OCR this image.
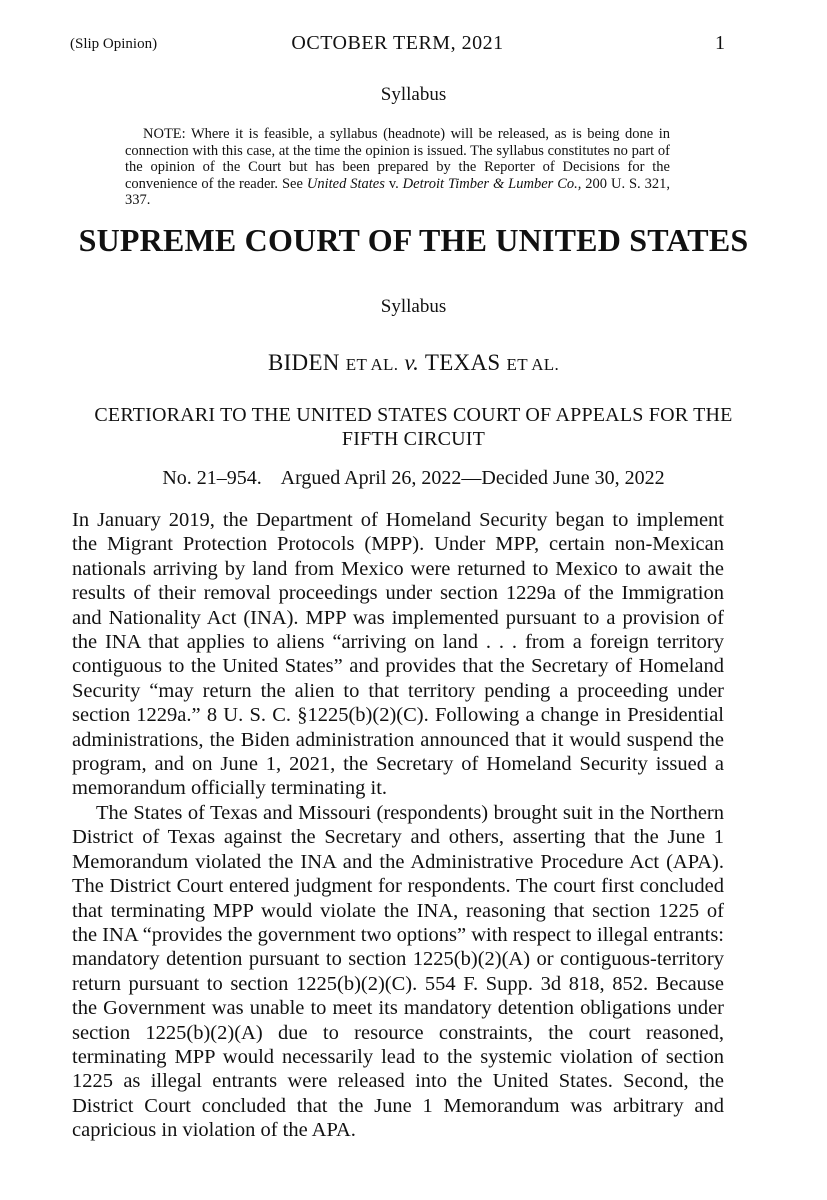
(Slip Opinion)	OCTOBER TERM, 2021	1
Syllabus
NOTE: Where it is feasible, a syllabus (headnote) will be released, as is being done in connection with this case, at the time the opinion is issued. The syllabus constitutes no part of the opinion of the Court but has been prepared by the Reporter of Decisions for the convenience of the reader. See United States v. Detroit Timber & Lumber Co., 200 U. S. 321, 337.
SUPREME COURT OF THE UNITED STATES
Syllabus
BIDEN ET AL. v. TEXAS ET AL.
CERTIORARI TO THE UNITED STATES COURT OF APPEALS FOR THE FIFTH CIRCUIT
No. 21–954.    Argued April 26, 2022—Decided June 30, 2022

In January 2019, the Department of Homeland Security began to implement the Migrant Protection Protocols (MPP). Under MPP, certain non-Mexican nationals arriving by land from Mexico were returned to Mexico to await the results of their removal proceedings under section 1229a of the Immigration and Nationality Act (INA). MPP was implemented pursuant to a provision of the INA that applies to aliens “arriving on land . . . from a foreign territory contiguous to the United States” and provides that the Secretary of Homeland Security “may return the alien to that territory pending a proceeding under section 1229a.” 8 U. S. C. §1225(b)(2)(C). Following a change in Presidential administrations, the Biden administration announced that it would suspend the program, and on June 1, 2021, the Secretary of Homeland Security issued a memorandum officially terminating it.

The States of Texas and Missouri (respondents) brought suit in the Northern District of Texas against the Secretary and others, asserting that the June 1 Memorandum violated the INA and the Administrative Procedure Act (APA). The District Court entered judgment for respondents. The court first concluded that terminating MPP would violate the INA, reasoning that section 1225 of the INA “provides the government two options” with respect to illegal entrants: mandatory detention pursuant to section 1225(b)(2)(A) or contiguous-territory return pursuant to section 1225(b)(2)(C). 554 F. Supp. 3d 818, 852. Because the Government was unable to meet its mandatory detention obligations under section 1225(b)(2)(A) due to resource constraints, the court reasoned, terminating MPP would necessarily lead to the systemic violation of section 1225 as illegal entrants were released into the United States. Second, the District Court concluded that the June 1 Memorandum was arbitrary and capricious in violation of the APA.
